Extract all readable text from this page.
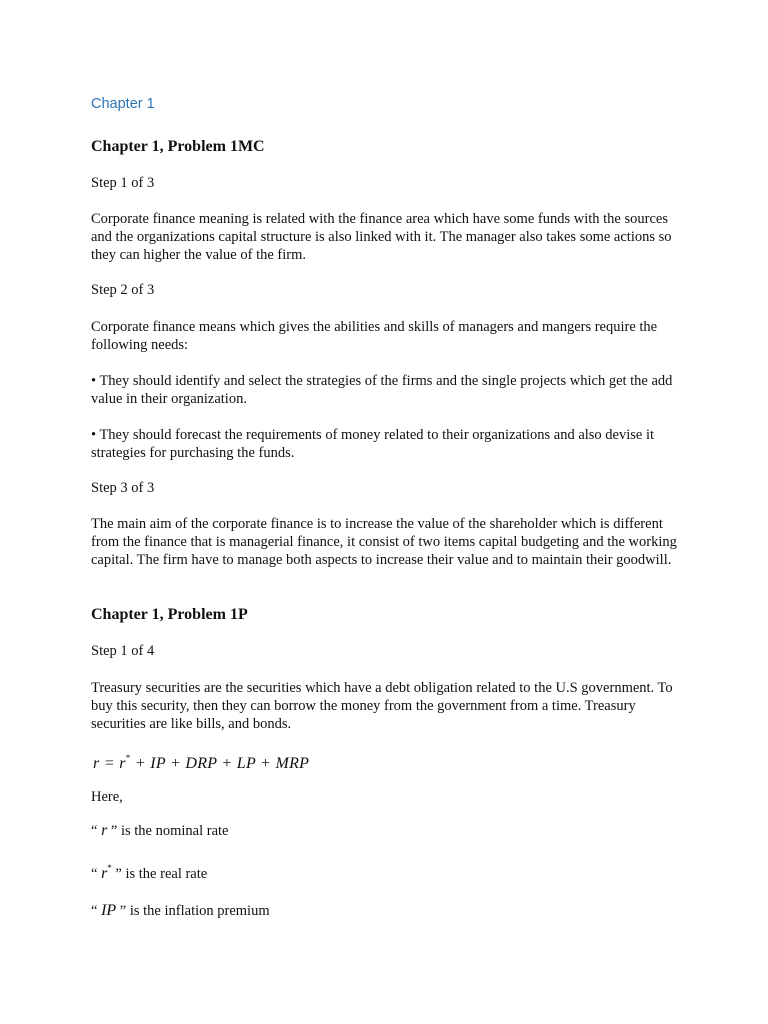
Chapter 1
Chapter 1, Problem 1MC
Step 1 of 3
Corporate finance meaning is related with the finance area which have some funds with the sources and the organizations capital structure is also linked with it. The manager also takes some actions so they can higher the value of the firm.
Step 2 of 3
Corporate finance means which gives the abilities and skills of managers and mangers require the following needs:
• They should identify and select the strategies of the firms and the single projects which get the add value in their organization.
• They should forecast the requirements of money related to their organizations and also devise it strategies for purchasing the funds.
Step 3 of 3
The main aim of the corporate finance is to increase the value of the shareholder which is different from the finance that is managerial finance, it consist of two items capital budgeting and the working capital. The firm have to manage both aspects to increase their value and to maintain their goodwill.
Chapter 1, Problem 1P
Step 1 of 4
Treasury securities are the securities which have a debt obligation related to the U.S government. To buy this security, then they can borrow the money from the government from a time. Treasury securities are like bills, and bonds.
r = r* + IP + DRP + LP + MRP
Here,
“ r ” is the nominal rate
“ r* ” is the real rate
“ IP ” is the inflation premium
